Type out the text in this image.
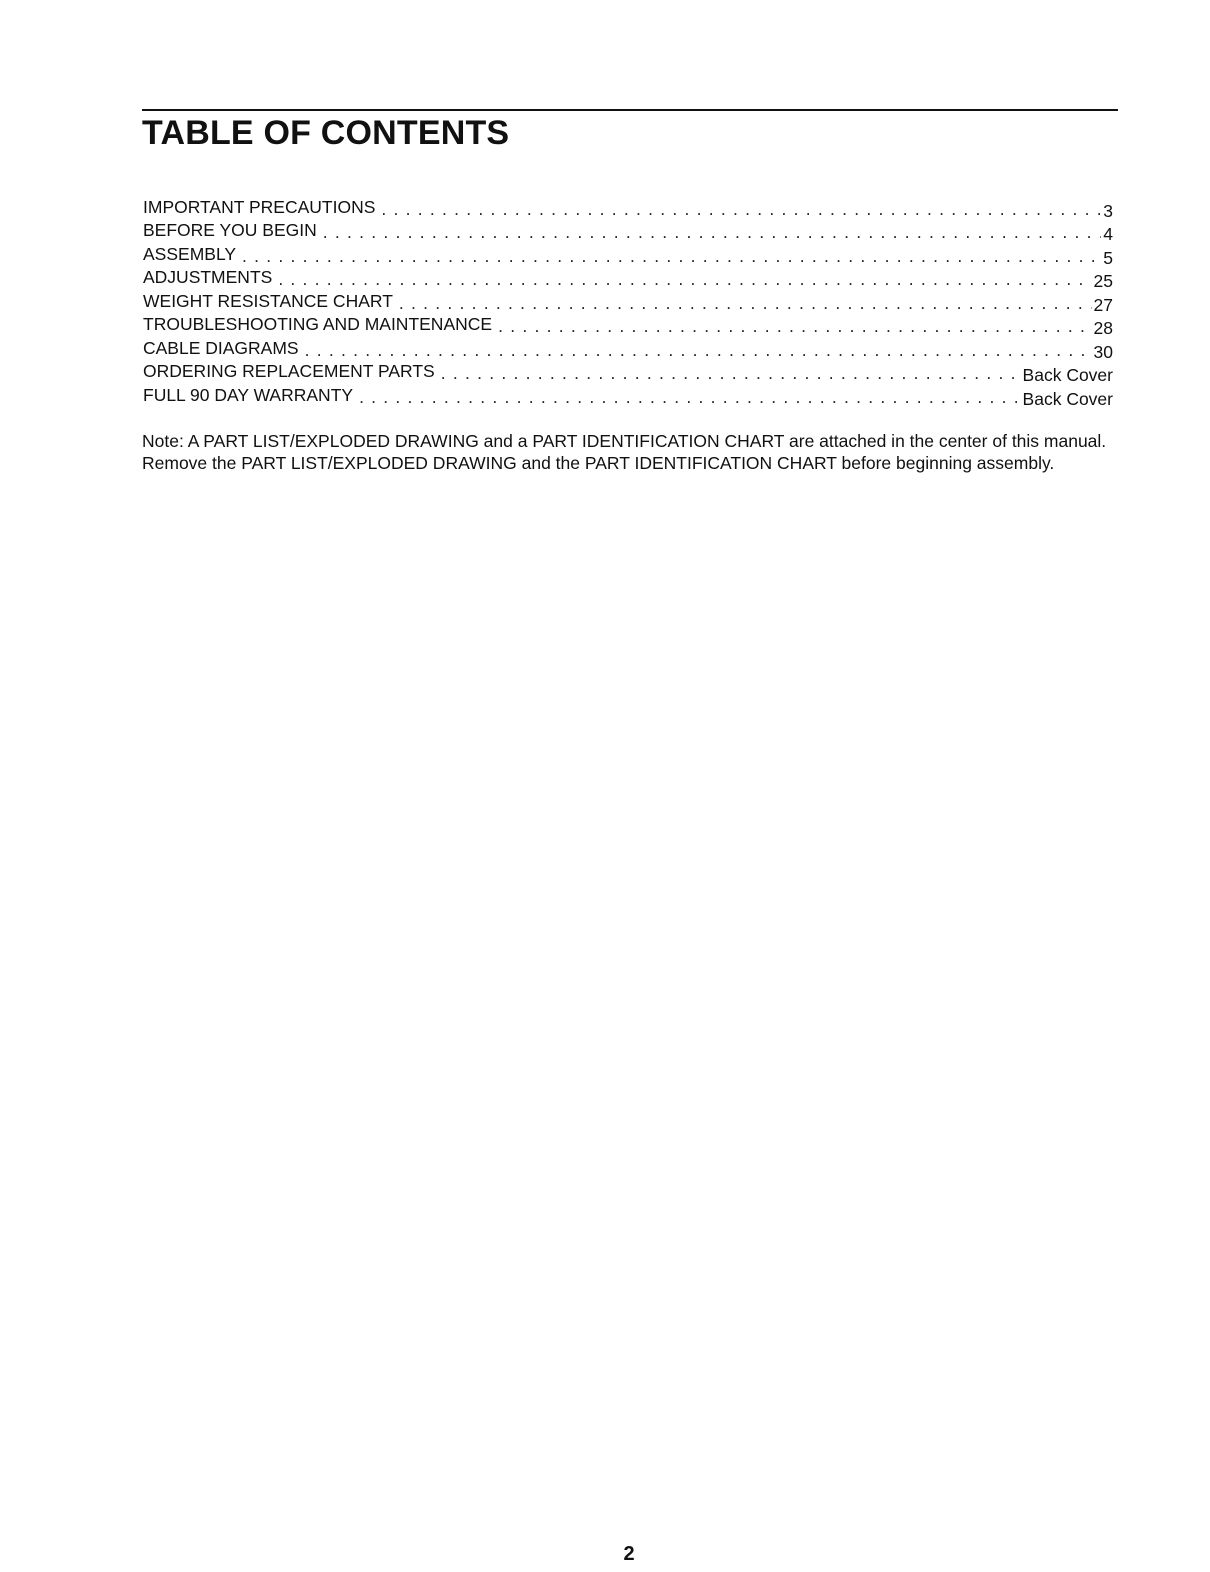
TABLE OF CONTENTS
IMPORTANT PRECAUTIONS . . .	3
BEFORE YOU BEGIN . . .	4
ASSEMBLY . . .	5
ADJUSTMENTS . . .	25
WEIGHT RESISTANCE CHART . . .	27
TROUBLESHOOTING AND MAINTENANCE . . .	28
CABLE DIAGRAMS . . .	30
ORDERING REPLACEMENT PARTS . . .	Back Cover
FULL 90 DAY WARRANTY . . .	Back Cover

Note: A PART LIST/EXPLODED DRAWING and a PART IDENTIFICATION CHART are attached in the center of this manual. Remove the PART LIST/EXPLODED DRAWING and the PART IDENTIFICATION CHART before beginning assembly.

2
